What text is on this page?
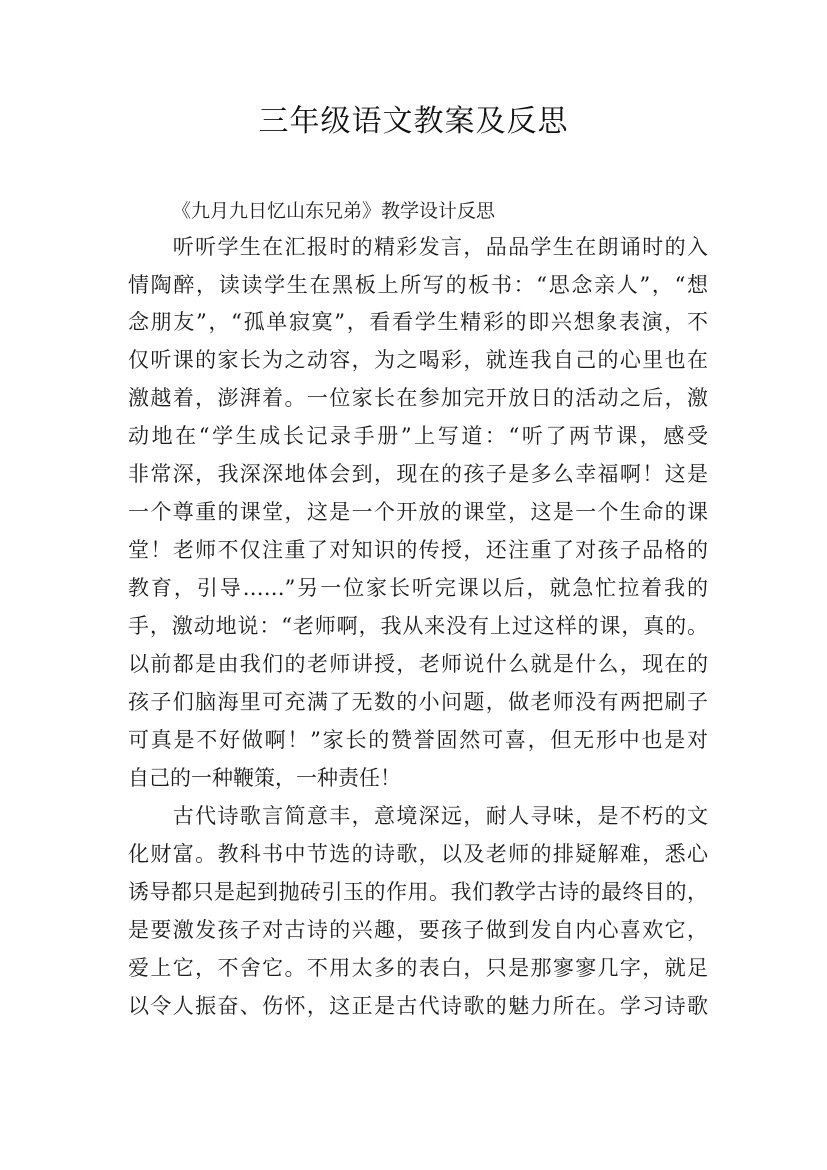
三年级语文教案及反思
《九月九日忆山东兄弟》教学设计反思
　　听听学生在汇报时的精彩发言，品品学生在朗诵时的入
情陶醉，读读学生在黑板上所写的板书：“思念亲人”，“想
念朋友”，“孤单寂寞”，看看学生精彩的即兴想象表演，不
仅听课的家长为之动容，为之喝彩，就连我自己的心里也在
激越着，澎湃着。一位家长在参加完开放日的活动之后，激
动地在“学生成长记录手册”上写道：“听了两节课，感受
非常深，我深深地体会到，现在的孩子是多么幸福啊！这是
一个尊重的课堂，这是一个开放的课堂，这是一个生命的课
堂！老师不仅注重了对知识的传授，还注重了对孩子品格的
教育，引导……”另一位家长听完课以后，就急忙拉着我的
手，激动地说：“老师啊，我从来没有上过这样的课，真的。
以前都是由我们的老师讲授，老师说什么就是什么，现在的
孩子们脑海里可充满了无数的小问题，做老师没有两把刷子
可真是不好做啊！”家长的赞誉固然可喜，但无形中也是对
自己的一种鞭策，一种责任！
　　古代诗歌言简意丰，意境深远，耐人寻味，是不朽的文
化财富。教科书中节选的诗歌，以及老师的排疑解难，悉心
诱导都只是起到抛砖引玉的作用。我们教学古诗的最终目的，
是要激发孩子对古诗的兴趣，要孩子做到发自内心喜欢它，
爱上它，不舍它。不用太多的表白，只是那寥寥几字，就足
以令人振奋、伤怀，这正是古代诗歌的魅力所在。学习诗歌
